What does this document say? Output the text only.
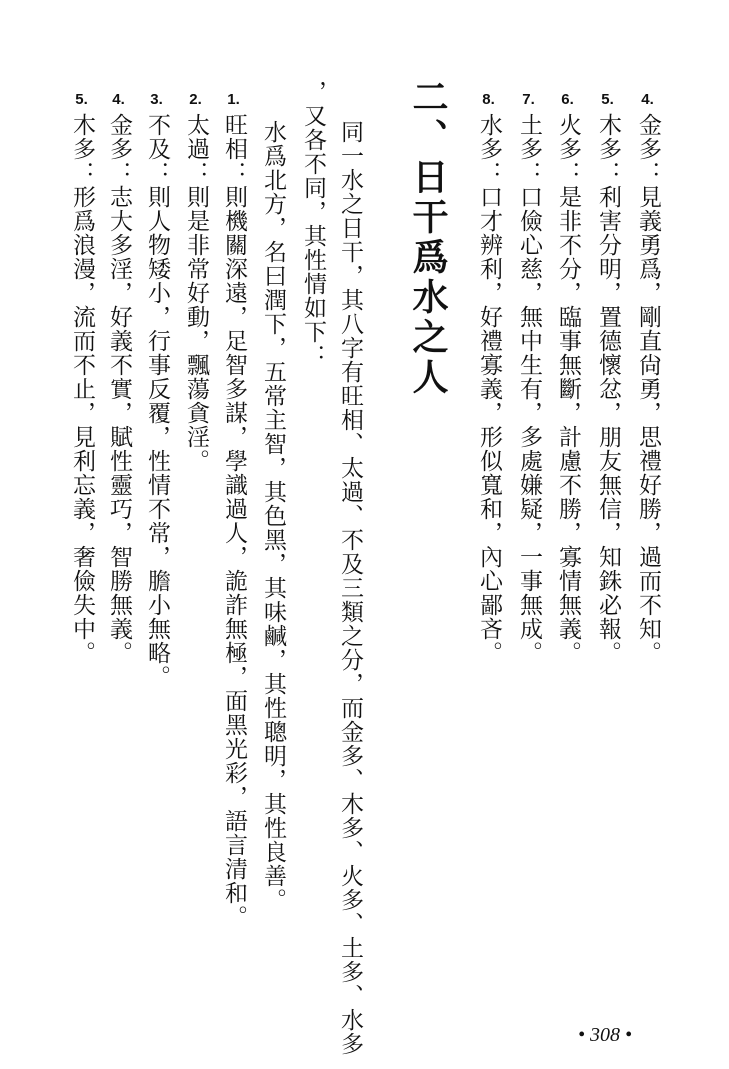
4.
金多：見義勇爲，剛直尙勇，思禮好勝，過而不知。
5.
木多：利害分明，置德懷忿，朋友無信，知銖必報。
6.
火多：是非不分，臨事無斷，計慮不勝，寡情無義。
7.
土多：口儉心慈，無中生有，多處嫌疑，一事無成。
8.
水多：口才辨利，好禮寡義，形似寬和，內心鄙吝。
二、日干爲水之人
同一水之日干，其八字有旺相、太過、不及三類之分，而金多、木多、火多、土多、水多
，又各不同，其性情如下：
水爲北方，名曰潤下，五常主智，其色黑，其味鹹，其性聰明，其性良善。
1.
旺相：則機關深遠，足智多謀，學識過人，詭詐無極，面黑光彩，語言清和。
2.
太過：則是非常好動，飄蕩貪淫。
3.
不及：則人物矮小，行事反覆，性情不常，膽小無略。
4.
金多：志大多淫，好義不實，賦性靈巧，智勝無義。
5.
木多：形爲浪漫，流而不止，見利忘義，奢儉失中。
• 308 •
